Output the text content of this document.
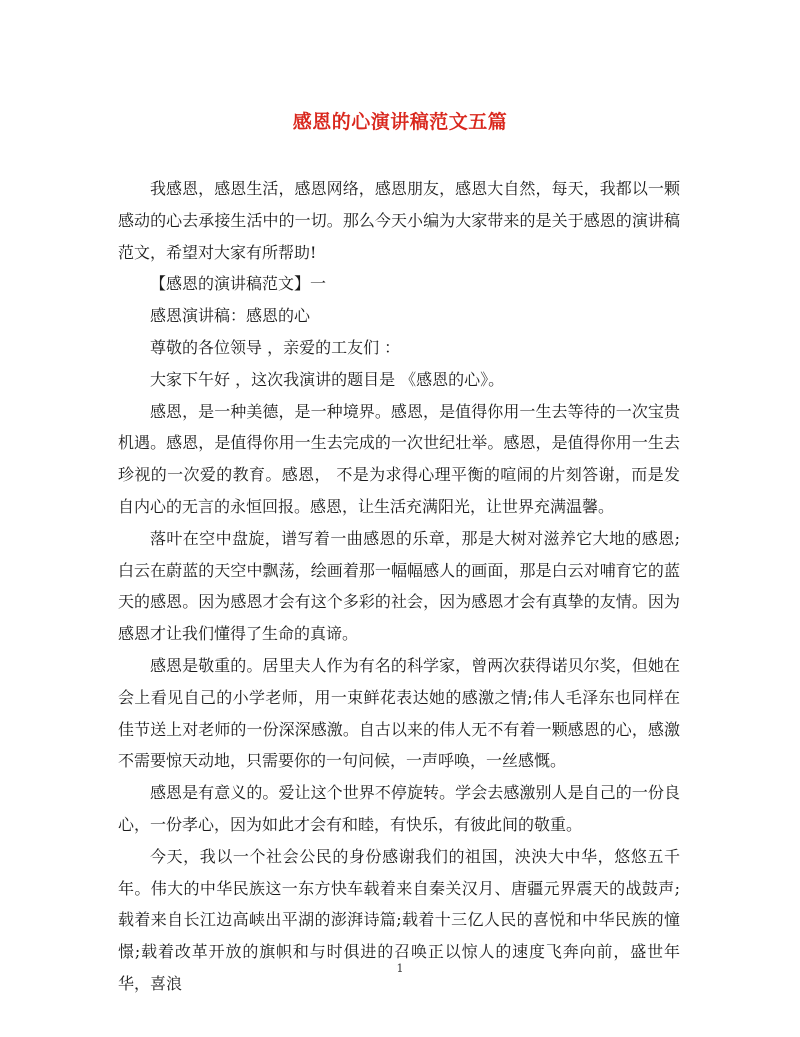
感恩的心演讲稿范文五篇

我感恩，感恩生活，感恩网络，感恩朋友，感恩大自然，每天，我都以一颗感动的心去承接生活中的一切。那么今天小编为大家带来的是关于感恩的演讲稿范文，希望对大家有所帮助!

【感恩的演讲稿范文】一

感恩演讲稿：感恩的心

尊敬的各位领导 ，亲爱的工友们 ：

大家下午好 ，这次我演讲的题目是 《感恩的心》。

感恩，是一种美德，是一种境界。感恩，是值得你用一生去等待的一次宝贵机遇。感恩，是值得你用一生去完成的一次世纪壮举。感恩，是值得你用一生去珍视的一次爱的教育。感恩， 不是为求得心理平衡的喧闹的片刻答谢，而是发自内心的无言的永恒回报。感恩，让生活充满阳光，让世界充满温馨。

落叶在空中盘旋，谱写着一曲感恩的乐章，那是大树对滋养它大地的感恩;白云在蔚蓝的天空中飘荡，绘画着那一幅幅感人的画面，那是白云对哺育它的蓝天的感恩。因为感恩才会有这个多彩的社会，因为感恩才会有真挚的友情。因为感恩才让我们懂得了生命的真谛。

感恩是敬重的。居里夫人作为有名的科学家，曾两次获得诺贝尔奖，但她在会上看见自己的小学老师，用一束鲜花表达她的感激之情;伟人毛泽东也同样在佳节送上对老师的一份深深感激。自古以来的伟人无不有着一颗感恩的心，感激不需要惊天动地，只需要你的一句问候，一声呼唤，一丝感慨。

感恩是有意义的。爱让这个世界不停旋转。学会去感激别人是自己的一份良心，一份孝心，因为如此才会有和睦，有快乐，有彼此间的敬重。

今天，我以一个社会公民的身份感谢我们的祖国，泱泱大中华，悠悠五千年。伟大的中华民族这一东方快车载着来自秦关汉月、唐疆元界震天的战鼓声;载着来自长江边高峡出平湖的澎湃诗篇;载着十三亿人民的喜悦和中华民族的憧憬;载着改革开放的旗帜和与时俱进的召唤正以惊人的速度飞奔向前，盛世年华，喜浪

1
